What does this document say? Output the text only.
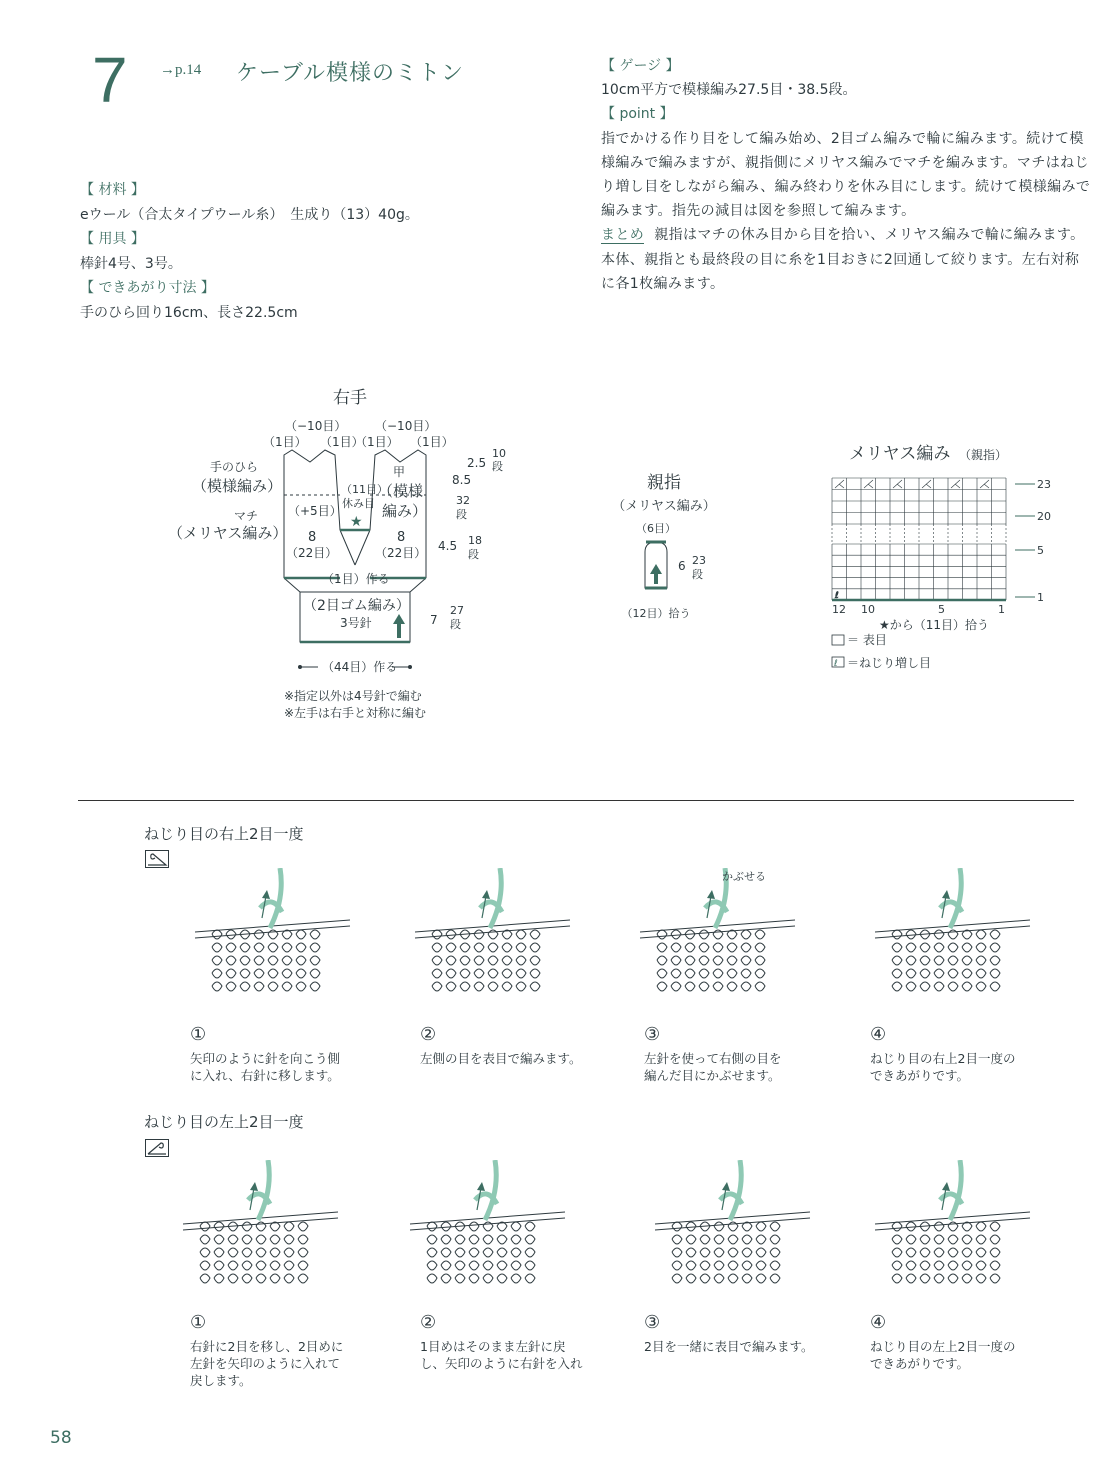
7 →p.14 ケーブル模様のミトン
【 材料 】
eウール（合太タイプウール糸）　生成り（13）40g。
【 用具 】
棒針4号、3号。
【 できあがり寸法 】
手のひら回り16cm、長さ22.5cm
【 ゲージ 】
10cm平方で模様編み27.5目・38.5段。
【 point 】
指でかける作り目をして編み始め、2目ゴム編みで輪に編みます。続けて模様編みで編みますが、親指側にメリヤス編みでマチを編みます。マチはねじり増し目をしながら編み、編み終わりを休み目にします。続けて模様編みで編みます。指先の減目は図を参照して編みます。
まとめ 親指はマチの休み目から目を拾い、メリヤス編みで輪に編みます。本体、親指とも最終段の目に糸を1目おきに2回通して絞ります。左右対称に各1枚編みます。
★
右手
（−10目） （−10目）
（1目） （1目）
（1目） （1目）
手のひら
（模様編み）
マチ
（メリヤス編み）
（+5目）
（11目）
休み目
甲
（模様
編み）
8
（22目）
8
（22目）
（1目）作る
（2目ゴム編み）
3号針
2.5
10
段
8.5
32
段
4.5 18
段
7
27
段
（44目）作る
※指定以外は4号針で編む
※左手は右手と対称に編む
親指
（メリヤス編み）
（6目）
6 23
段
（12目）拾う
メリヤス編み （親指）
ℓ
23
20
5
1
12 10	5	1
★から（11目）拾う
＝ 表目
ℓ ＝ねじり増し目
ねじり目の右上2目一度
かぶせる
①
矢印のように針を向こう側
に入れ、右針に移します。
②
左側の目を表目で編みます。
③
左針を使って右側の目を
編んだ目にかぶせます。
④
ねじり目の右上2目一度の
できあがりです。
ねじり目の左上2目一度
①
右針に2目を移し、2目めに
左針を矢印のように入れて
戻します。
②
1目めはそのまま左針に戻
し、矢印のように右針を入れ
③
2目を一緒に表目で編みます。
④
ねじり目の左上2目一度の
できあがりです。
58
